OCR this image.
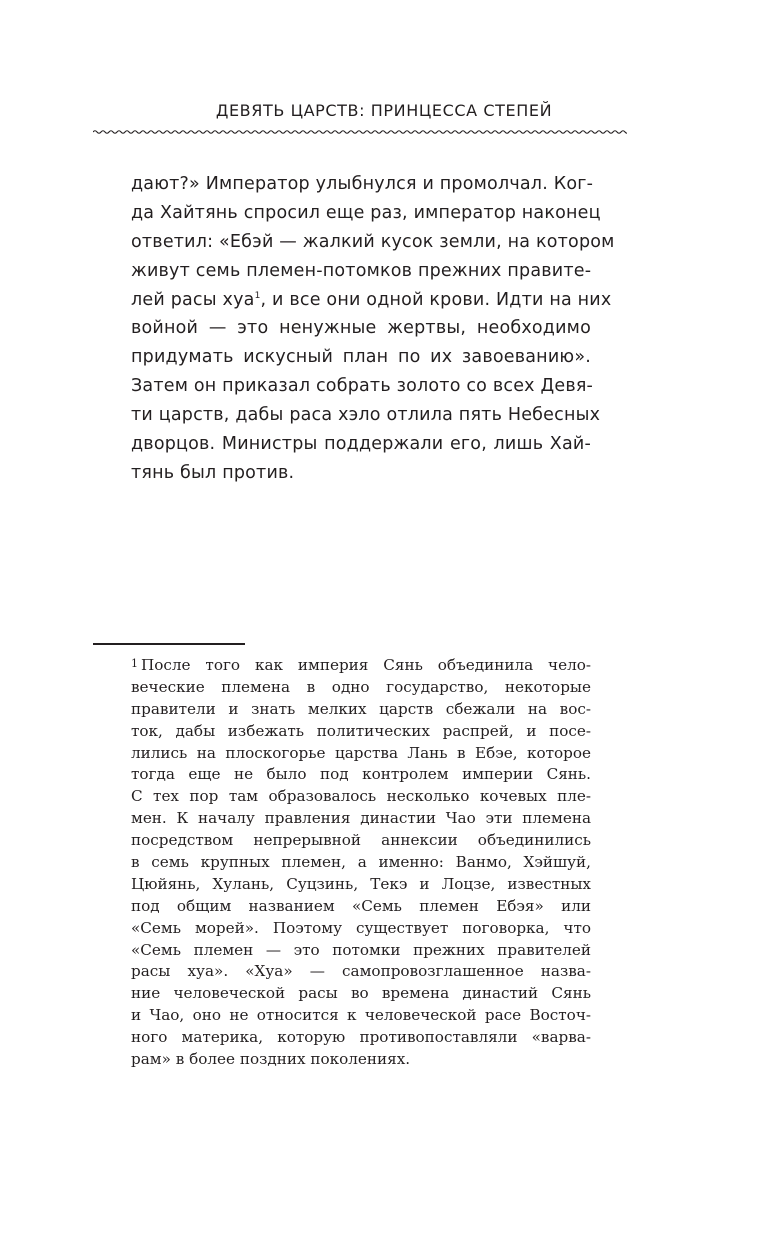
ДЕВЯТЬ ЦАРСТВ: ПРИНЦЕССА СТЕПЕЙ
дают?» Император улыбнулся и промолчал. Ког-
да Хайтянь спросил еще раз, император наконец
ответил: «Ебэй — жалкий кусок земли, на котором
живут семь племен-потомков прежних правите-
лей расы хуа$^1$, и все они одной крови. Идти на них
войной — это ненужные жертвы, необходимо
придумать искусный план по их завоеванию».
Затем он приказал собрать золото со всех Девя-
ти царств, дабы раса хэло отлила пять Небесных
дворцов. Министры поддержали его, лишь Хай-
тянь был против.
1 После того как империя Сянь объединила чело-
веческие племена в одно государство, некоторые
правители и знать мелких царств сбежали на вос-
ток, дабы избежать политических распрей, и посе-
лились на плоскогорье царства Лань в Ебэе, которое
тогда еще не было под контролем империи Сянь.
С тех пор там образовалось несколько кочевых пле-
мен. К началу правления династии Чао эти племена
посредством непрерывной аннексии объединились
в семь крупных племен, а именно: Ванмо, Хэйшуй,
Цюйянь, Хулань, Суцзинь, Текэ и Лоцзе, известных
под общим названием «Семь племен Ебэя» или
«Семь морей». Поэтому существует поговорка, что
«Семь племен — это потомки прежних правителей
расы хуа». «Хуа» — самопровозглашенное назва-
ние человеческой расы во времена династий Сянь
и Чао, оно не относится к человеческой расе Восточ-
ного материка, которую противопоставляли «варва-
рам» в более поздних поколениях.
